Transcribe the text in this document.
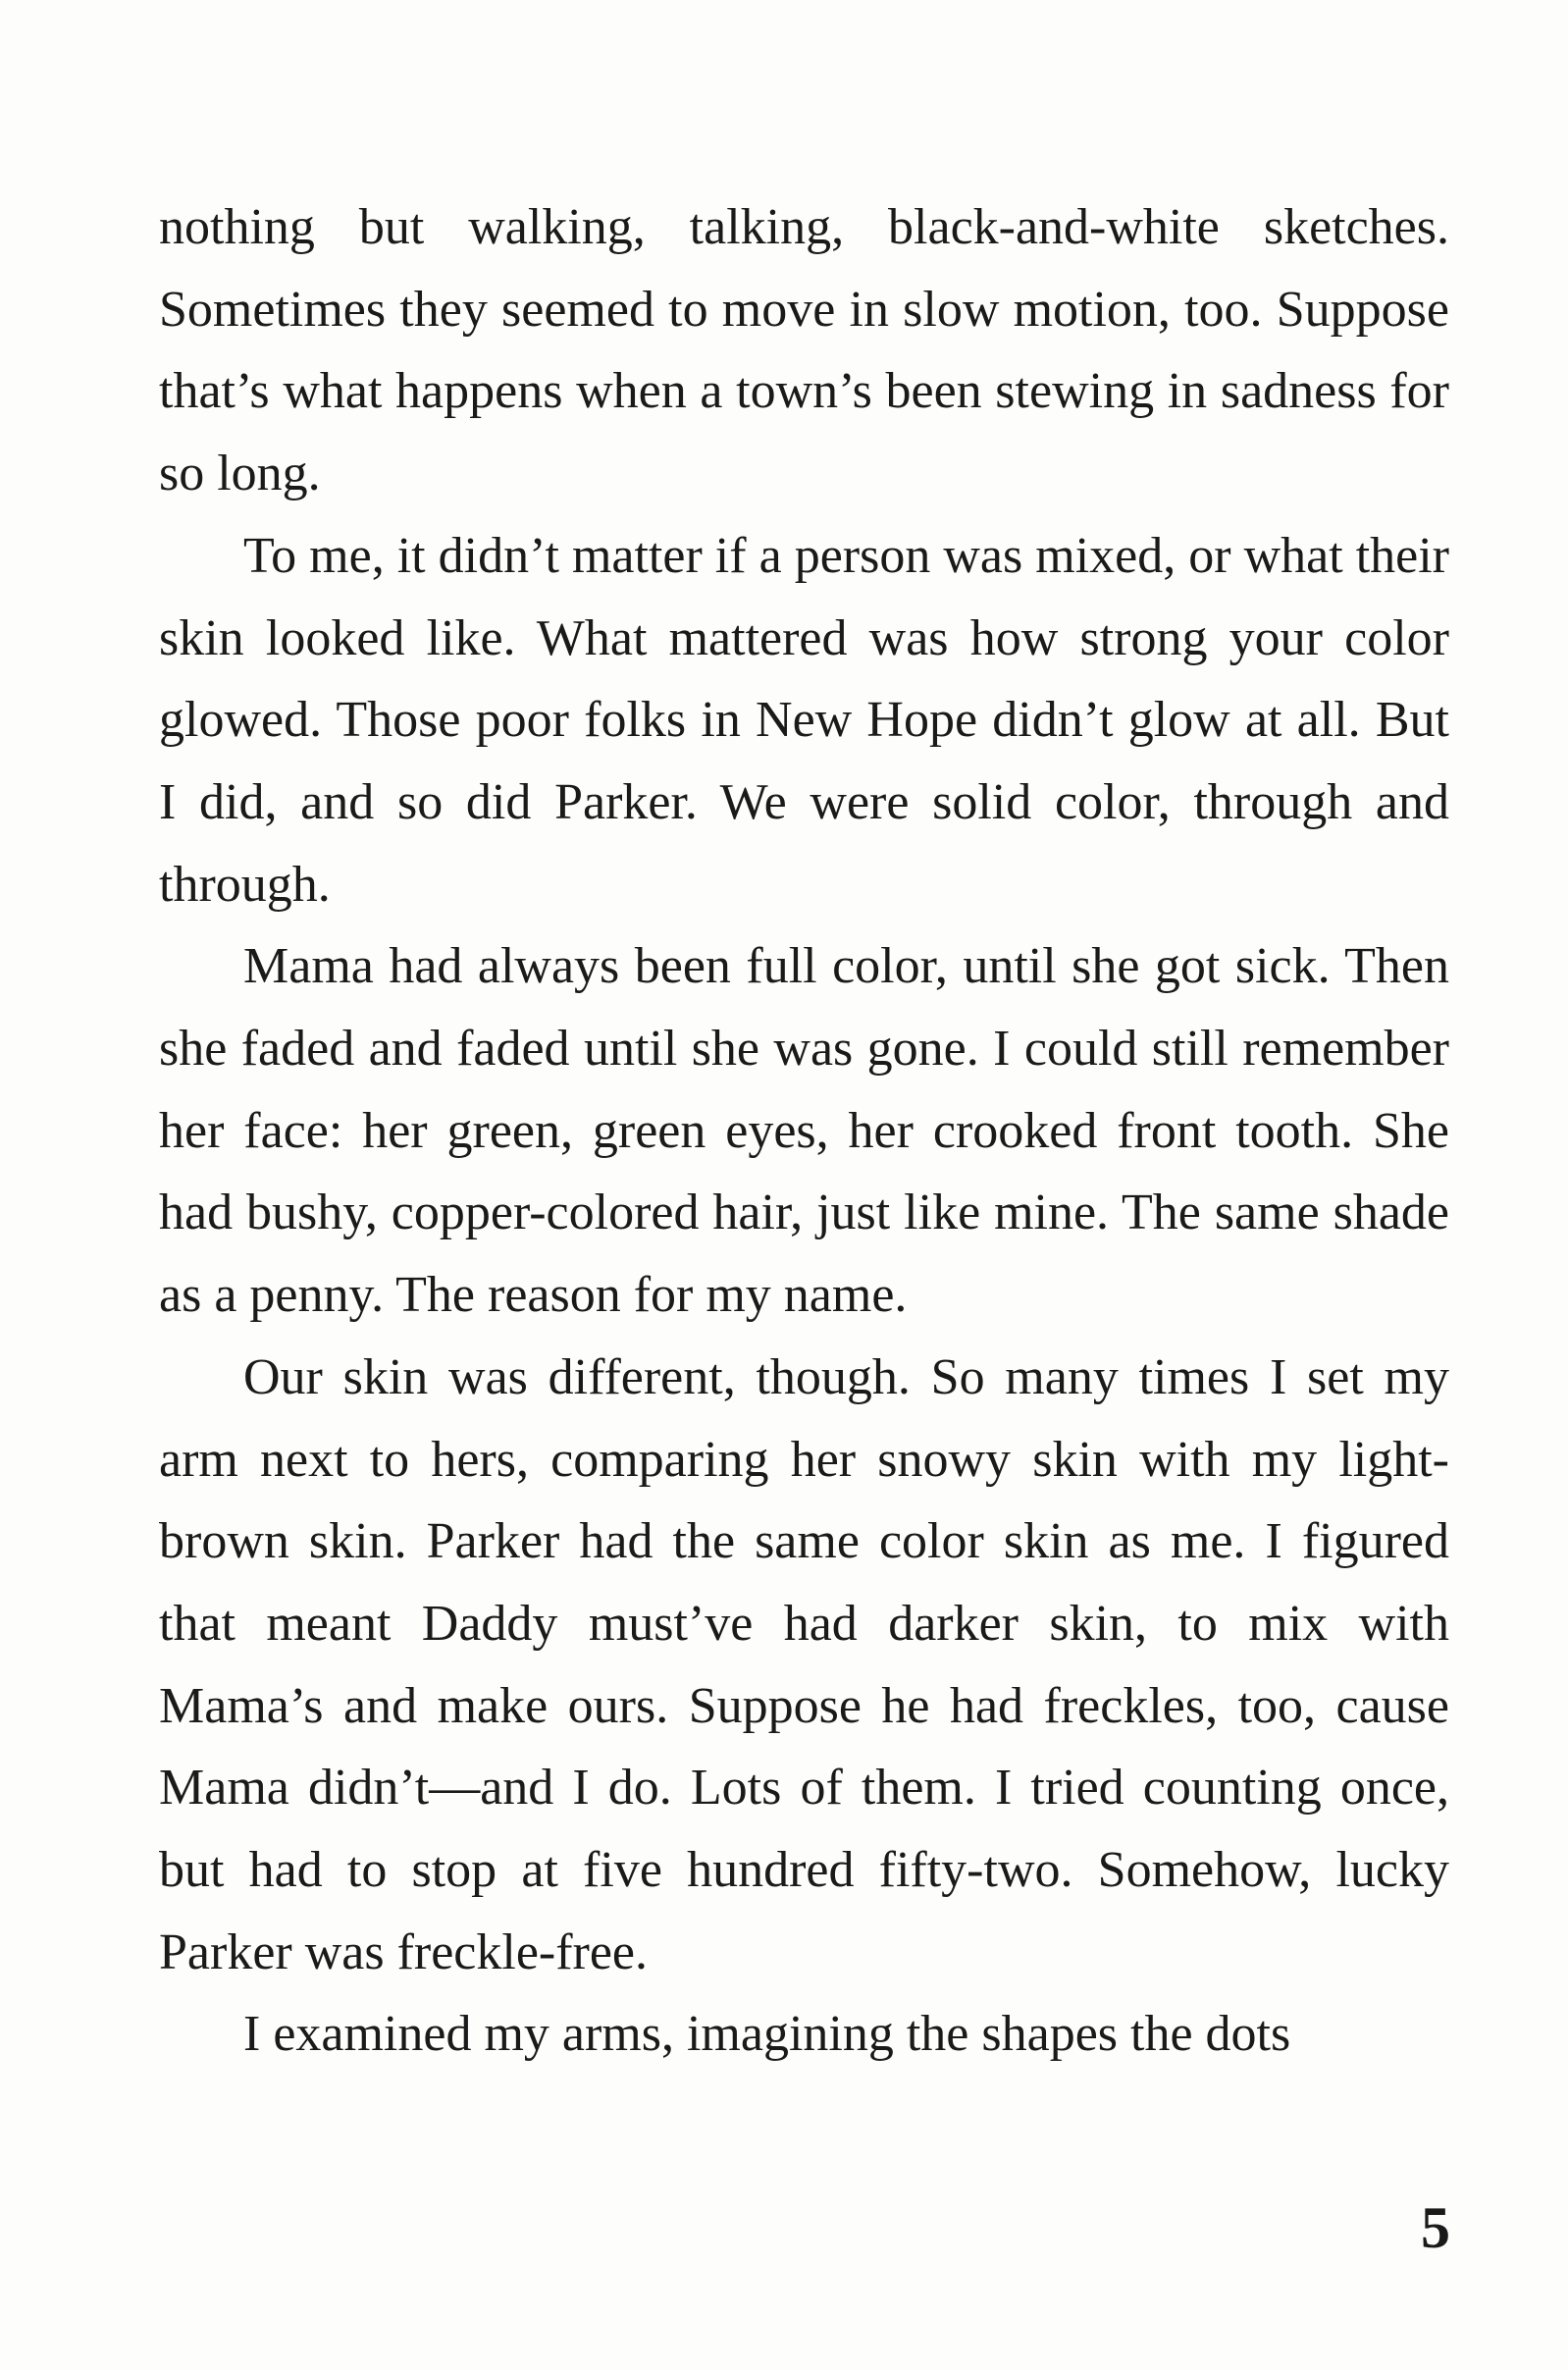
nothing but walking, talking, black-and-white sketches. Sometimes they seemed to move in slow motion, too. Suppose that’s what happens when a town’s been stewing in sadness for so long.

To me, it didn’t matter if a person was mixed, or what their skin looked like. What mattered was how strong your color glowed. Those poor folks in New Hope didn’t glow at all. But I did, and so did Parker. We were solid color, through and through.

Mama had always been full color, until she got sick. Then she faded and faded until she was gone. I could still remember her face: her green, green eyes, her crooked front tooth. She had bushy, copper-colored hair, just like mine. The same shade as a penny. The reason for my name.

Our skin was different, though. So many times I set my arm next to hers, comparing her snowy skin with my light-brown skin. Parker had the same color skin as me. I figured that meant Daddy must’ve had darker skin, to mix with Mama’s and make ours. Suppose he had freckles, too, cause Mama didn’t—and I do. Lots of them. I tried counting once, but had to stop at five hundred fifty-two. Somehow, lucky Parker was freckle-free.

I examined my arms, imagining the shapes the dots

5
